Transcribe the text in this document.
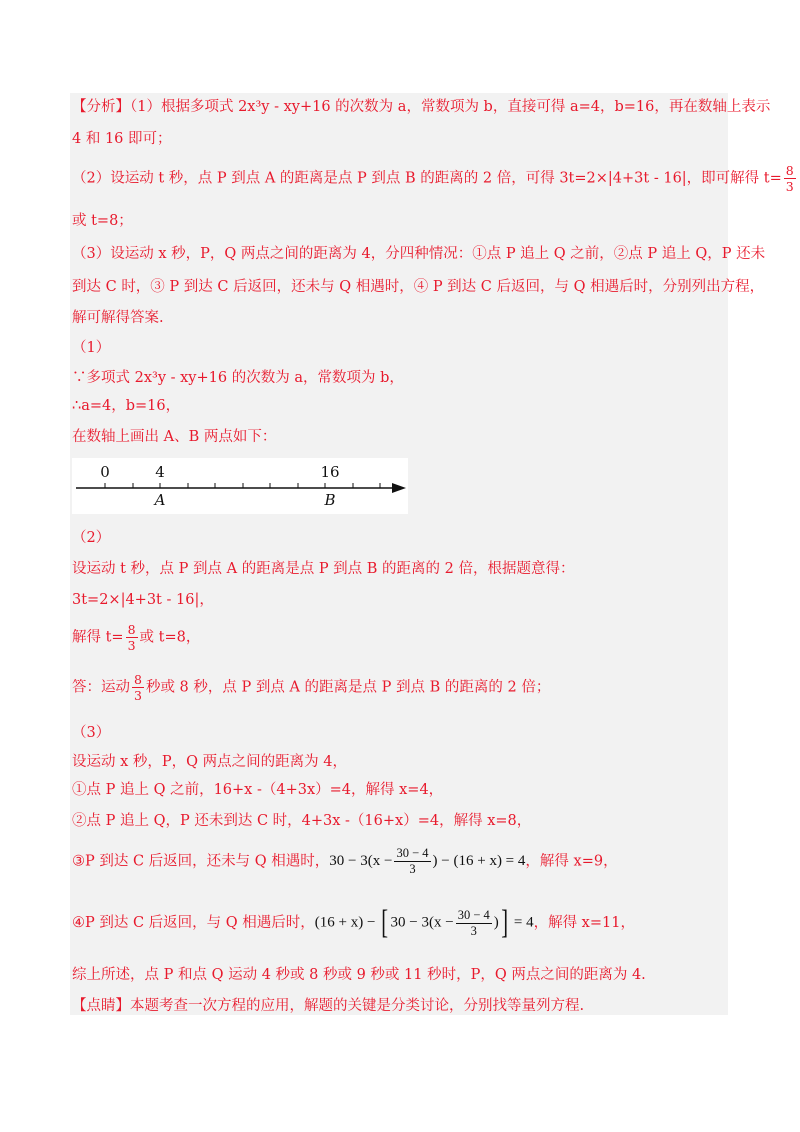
【分析】（1）根据多项式 2x³y - xy+16 的次数为 a，常数项为 b，直接可得 a=4，b=16，再在数轴上表示
4 和 16 即可；
（2）设运动 t 秒，点 P 到点 A 的距离是点 P 到点 B 的距离的 2 倍，可得 3t=2×|4+3t - 16|，即可解得 $t= \frac{8}{3}$
或 t=8；
（3）设运动 x 秒，P，Q 两点之间的距离为 4，分四种情况：①点 P 追上 Q 之前，②点 P 追上 Q，P 还未
到达 C 时，③ P 到达 C 后返回，还未与 Q 相遇时，④ P 到达 C 后返回，与 Q 相遇后时，分别列出方程，
解可解得答案.
（1）
∵多项式 2x³y - xy+16 的次数为 a，常数项为 b，
∴a=4，b=16，
在数轴上画出 A、B 两点如下：
0	4	16
A	B
（2）
设运动 t 秒，点 P 到点 A 的距离是点 P 到点 B 的距离的 2 倍，根据题意得：
3t=2×|4+3t - 16|，
解得 $t= \frac{8}{3}$ 或 t=8，
答：运动 $\frac{8}{3}$ 秒或 8 秒，点 P 到点 A 的距离是点 P 到点 B 的距离的 2 倍；
（3）
设运动 x 秒，P，Q 两点之间的距离为 4，
①点 P 追上 Q 之前，16+x -（4+3x）=4，解得 x=4，
②点 P 追上 Q，P 还未到达 C 时，4+3x -（16+x）=4，解得 x=8，
③P 到达 C 后返回，还未与 Q 相遇时，$30 - 3(x - \frac{30 - 4}{3}$ ) − (16 + x) = 4，解得 x=9，
④P 到达 C 后返回，与 Q 相遇后时，(16 + x) − [ $30 - 3(x - \frac{30 - 4}{3}$ )] = 4，解得 x=11，
综上所述，点 P 和点 Q 运动 4 秒或 8 秒或 9 秒或 11 秒时，P，Q 两点之间的距离为 4.
【点睛】本题考查一次方程的应用，解题的关键是分类讨论，分别找等量列方程.
